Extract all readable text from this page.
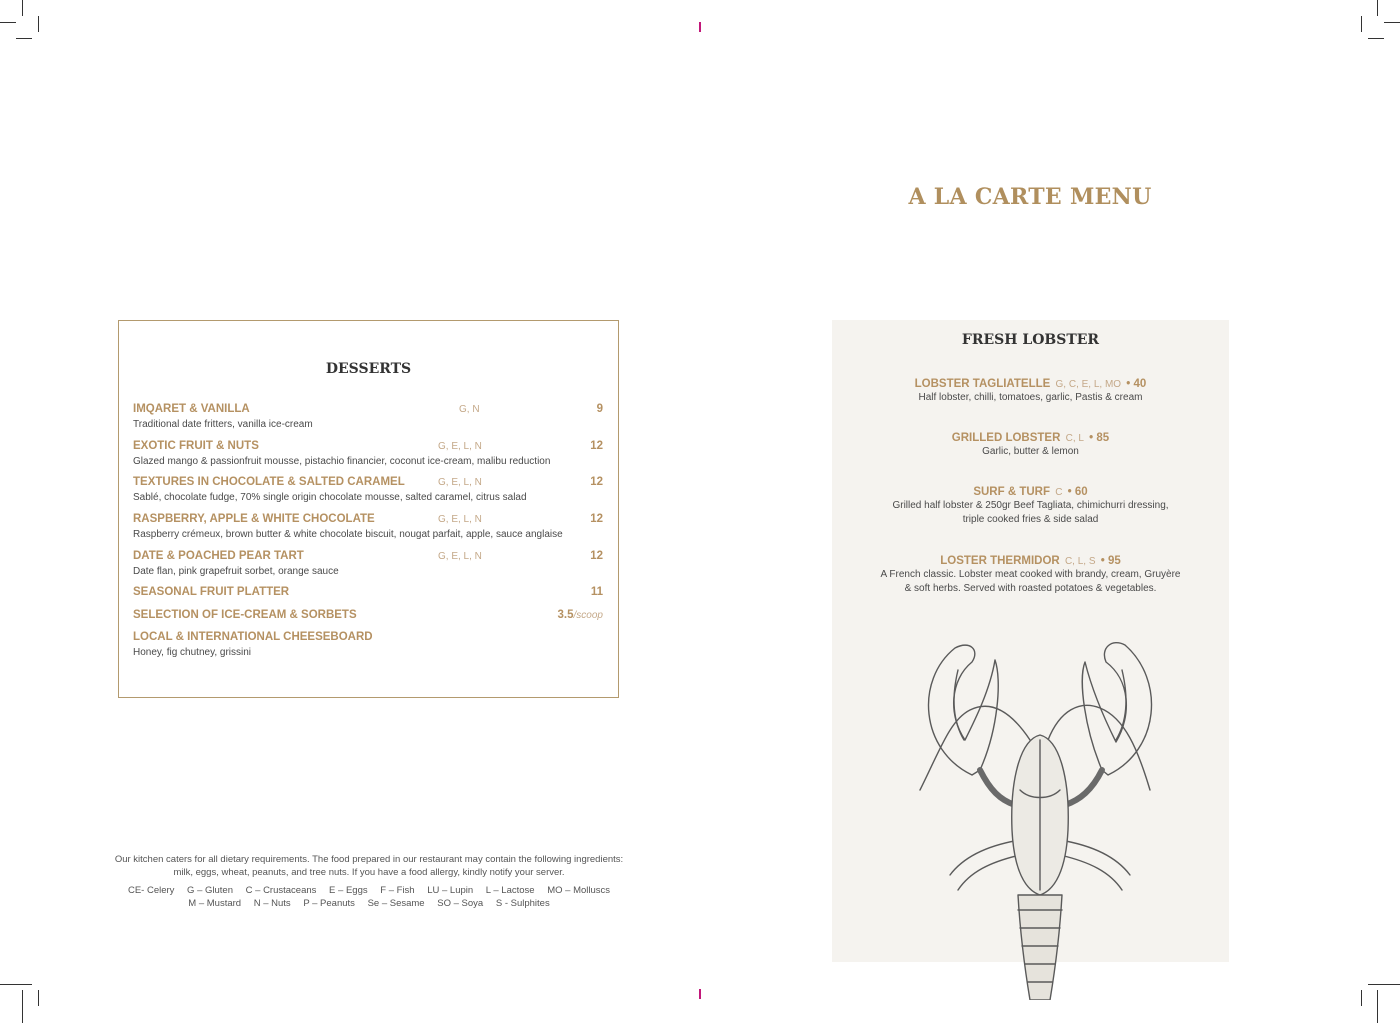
A LA CARTE MENU
DESSERTS
IMQARET & VANILLA	G, N	9
Traditional date fritters, vanilla ice-cream
EXOTIC FRUIT & NUTS	G, E, L, N	12
Glazed mango & passionfruit mousse, pistachio financier, coconut ice-cream, malibu reduction
TEXTURES IN CHOCOLATE & SALTED CARAMEL	G, E, L, N	12
Sablé, chocolate fudge, 70% single origin chocolate mousse, salted caramel, citrus salad
RASPBERRY, APPLE & WHITE CHOCOLATE	G, E, L, N	12
Raspberry crémeux, brown butter & white chocolate biscuit, nougat parfait, apple, sauce anglaise
DATE & POACHED PEAR TART	G, E, L, N	12
Date flan, pink grapefruit sorbet, orange sauce
SEASONAL FRUIT PLATTER	11
SELECTION OF ICE-CREAM & SORBETS	3.5/scoop
LOCAL & INTERNATIONAL CHEESEBOARD
Honey, fig chutney, grissini
Our kitchen caters for all dietary requirements. The food prepared in our restaurant may contain the following ingredients:
milk, eggs, wheat, peanuts, and tree nuts. If you have a food allergy, kindly notify your server.
CE- Celery G – Gluten C – Crustaceans E – Eggs F – Fish LU – Lupin L – Lactose MO – Molluscs
M – Mustard N – Nuts P – Peanuts Se – Sesame SO – Soya S - Sulphites
FRESH LOBSTER
LOBSTER TAGLIATELLE G, C, E, L, MO • 40
Half lobster, chilli, tomatoes, garlic, Pastis & cream
GRILLED LOBSTER C, L • 85
Garlic, butter & lemon
SURF & TURF C • 60
Grilled half lobster & 250gr Beef Tagliata, chimichurri dressing,
triple cooked fries & side salad
LOSTER THERMIDOR C, L, S • 95
A French classic. Lobster meat cooked with brandy, cream, Gruyère
& soft herbs. Served with roasted potatoes & vegetables.
